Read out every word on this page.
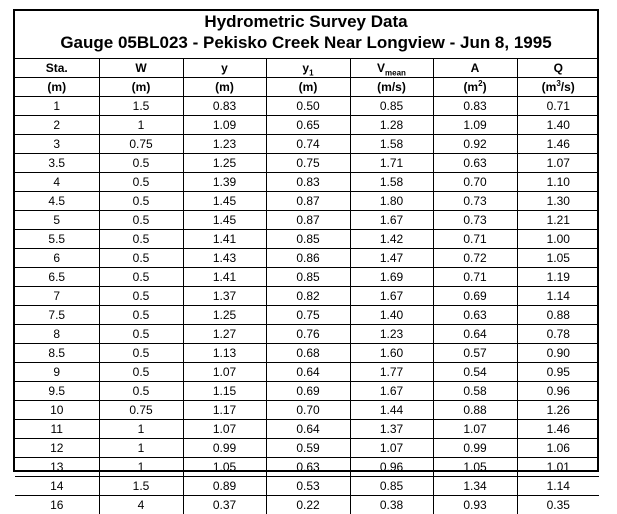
Hydrometric Survey Data
Gauge 05BL023 - Pekisko Creek Near Longview - Jun 8, 1995
Sta.	W	y	$y_1$	$V_{mean}$	A	Q
(m)	(m)	(m)	(m)	(m/s)	$(m^2)$	$(m^3/s)$
1	1.5	0.83	0.50	0.85	0.83	0.71
2	1	1.09	0.65	1.28	1.09	1.40
3	0.75	1.23	0.74	1.58	0.92	1.46
3.5	0.5	1.25	0.75	1.71	0.63	1.07
4	0.5	1.39	0.83	1.58	0.70	1.10
4.5	0.5	1.45	0.87	1.80	0.73	1.30
5	0.5	1.45	0.87	1.67	0.73	1.21
5.5	0.5	1.41	0.85	1.42	0.71	1.00
6	0.5	1.43	0.86	1.47	0.72	1.05
6.5	0.5	1.41	0.85	1.69	0.71	1.19
7	0.5	1.37	0.82	1.67	0.69	1.14
7.5	0.5	1.25	0.75	1.40	0.63	0.88
8	0.5	1.27	0.76	1.23	0.64	0.78
8.5	0.5	1.13	0.68	1.60	0.57	0.90
9	0.5	1.07	0.64	1.77	0.54	0.95
9.5	0.5	1.15	0.69	1.67	0.58	0.96
10	0.75	1.17	0.70	1.44	0.88	1.26
11	1	1.07	0.64	1.37	1.07	1.46
12	1	0.99	0.59	1.07	0.99	1.06
13	1	1.05	0.63	0.96	1.05	1.01
14	1.5	0.89	0.53	0.85	1.34	1.14
16	4	0.37	0.22	0.38	0.93	0.35
